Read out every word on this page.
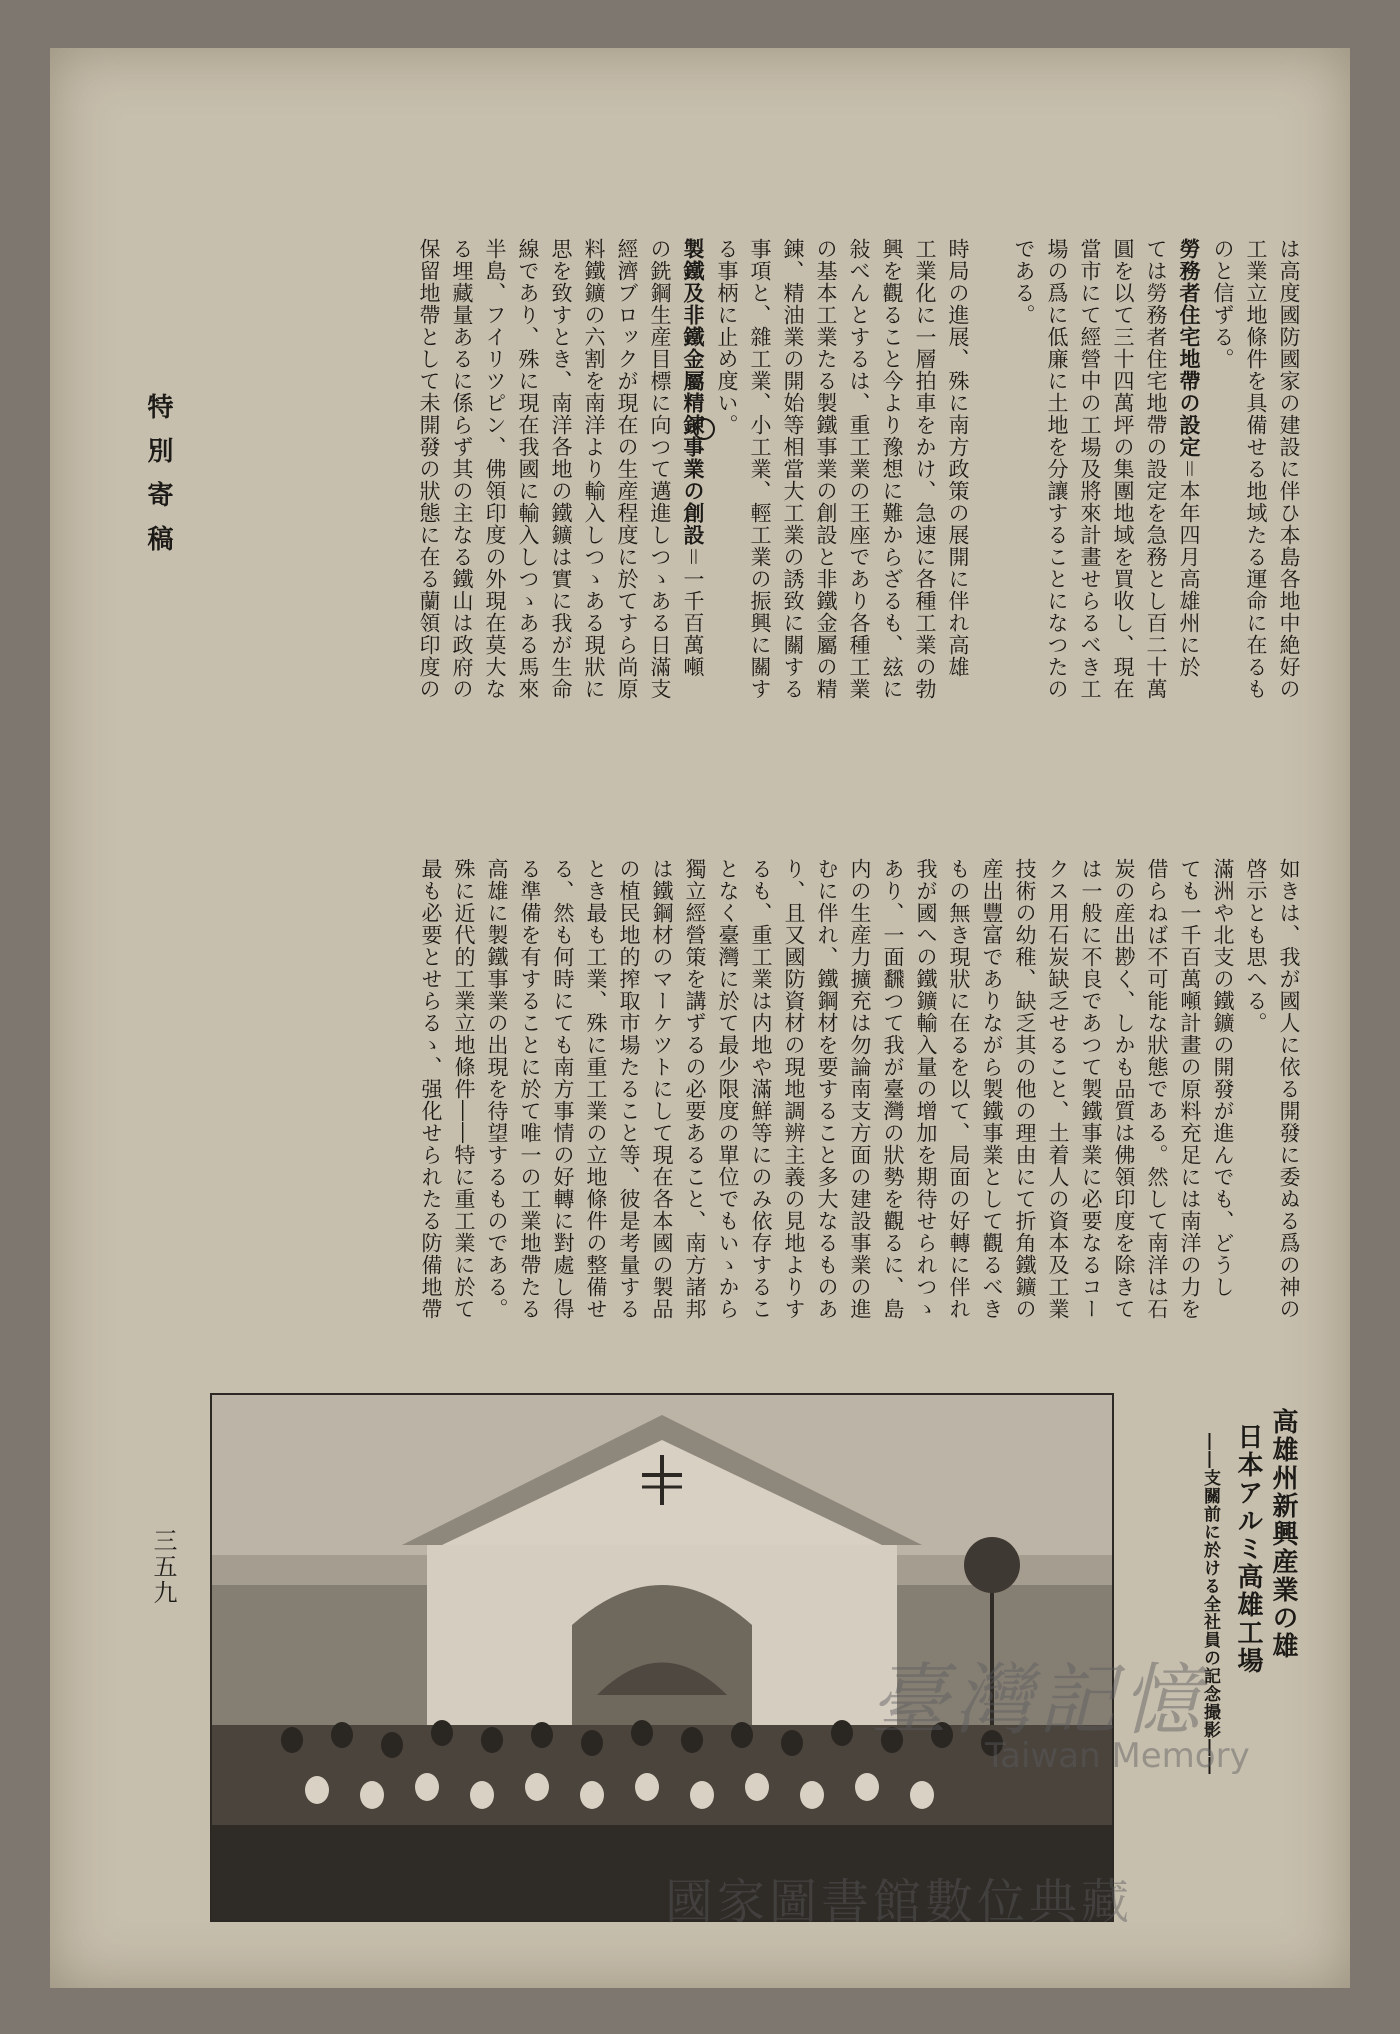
特別寄稿
三五九
は高度國防國家の建設に伴ひ本島各地中絶好の
工業立地條件を具備せる地域たる運命に在るも
のと信ずる。
勞務者住宅地帶の設定＝本年四月高雄州に於
ては勞務者住宅地帶の設定を急務とし百二十萬
圓を以て三十四萬坪の集團地域を買收し、現在
當市にて經營中の工場及將來計畫せらるべき工
場の爲に低廉に土地を分讓することになつたの
である。
時局の進展、殊に南方政策の展開に伴れ高雄
工業化に一層拍車をかけ、急速に各種工業の勃
興を觀ること今より豫想に難からざるも、玆に
敍べんとするは、重工業の王座であり各種工業
の基本工業たる製鐵事業の創設と非鐵金屬の精
錬、精油業の開始等相當大工業の誘致に關する
事項と、雜工業、小工業、輕工業の振興に關す
る事柄に止め度い。
製鐵及非鐵金屬精錬事業の創設＝一千百萬噸
の銑鋼生産目標に向つて邁進しつゝある日滿支
經濟ブロックが現在の生産程度に於てすら尚原
料鐵鑛の六割を南洋より輸入しつゝある現狀に
思を致すとき、南洋各地の鐵鑛は實に我が生命
線であり、殊に現在我國に輸入しつゝある馬來
半島、フイリツピン、佛領印度の外現在莫大な
る埋藏量あるに係らず其の主なる鐵山は政府の
保留地帶として未開發の狀態に在る蘭領印度の
如きは、我が國人に依る開發に委ぬる爲の神の
啓示とも思へる。
滿洲や北支の鐵鑛の開發が進んでも、どうし
ても一千百萬噸計畫の原料充足には南洋の力を
借らねば不可能な狀態である。然して南洋は石
炭の産出尠く、しかも品質は佛領印度を除きて
は一般に不良であつて製鐵事業に必要なるコー
クス用石炭缺乏せること、土着人の資本及工業
技術の幼稚、缺乏其の他の理由にて折角鐵鑛の
産出豐富でありながら製鐵事業として觀るべき
もの無き現狀に在るを以て、局面の好轉に伴れ
我が國への鐵鑛輸入量の增加を期待せられつゝ
あり、一面飜つて我が臺灣の狀勢を觀るに、島
内の生産力擴充は勿論南支方面の建設事業の進
むに伴れ、鐵鋼材を要すること多大なるものあ
り、且又國防資材の現地調辨主義の見地よりす
るも、重工業は内地や滿鮮等にのみ依存するこ
となく臺灣に於て最少限度の單位でもいゝから
獨立經營策を講ずるの必要あること、南方諸邦
は鐵鋼材のマーケツトにして現在各本國の製品
の植民地的搾取市場たること等、彼是考量する
とき最も工業、殊に重工業の立地條件の整備せ
る、然も何時にても南方事情の好轉に對處し得
る準備を有することに於て唯一の工業地帶たる
高雄に製鐵事業の出現を待望するものである。
殊に近代的工業立地條件――特に重工業に於て
最も必要とせらるゝ、强化せられたる防備地帶
高雄州新興産業の雄
日本アルミ高雄工場
――支關前に於ける全社員の記念撮影――
臺灣記憶
Taiwan Memory
國家圖書館數位典藏
